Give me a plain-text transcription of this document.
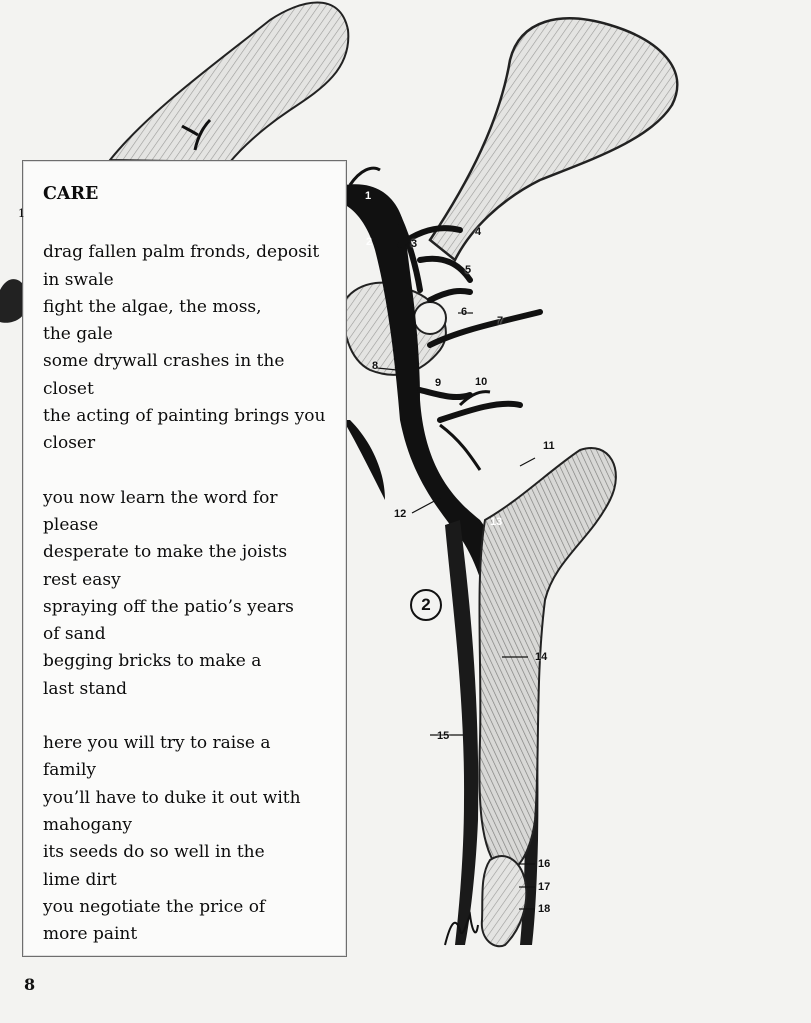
1
2	3
4
5
6
7
8
9	10
11
12
13
14
15
16
17
18
2
CARE
drag fallen palm fronds, deposit
in swale
fight the algae, the moss,
the gale
some drywall crashes in the
closet
the acting of painting brings you
closer
you now learn the word for
please
desperate to make the joists
rest easy
spraying off the patio’s years
of sand
begging bricks to make a
last stand
here you will try to raise a
family
you’ll have to duke it out with
mahogany
its seeds do so well in the
lime dirt
you negotiate the price of
more paint
1
8
